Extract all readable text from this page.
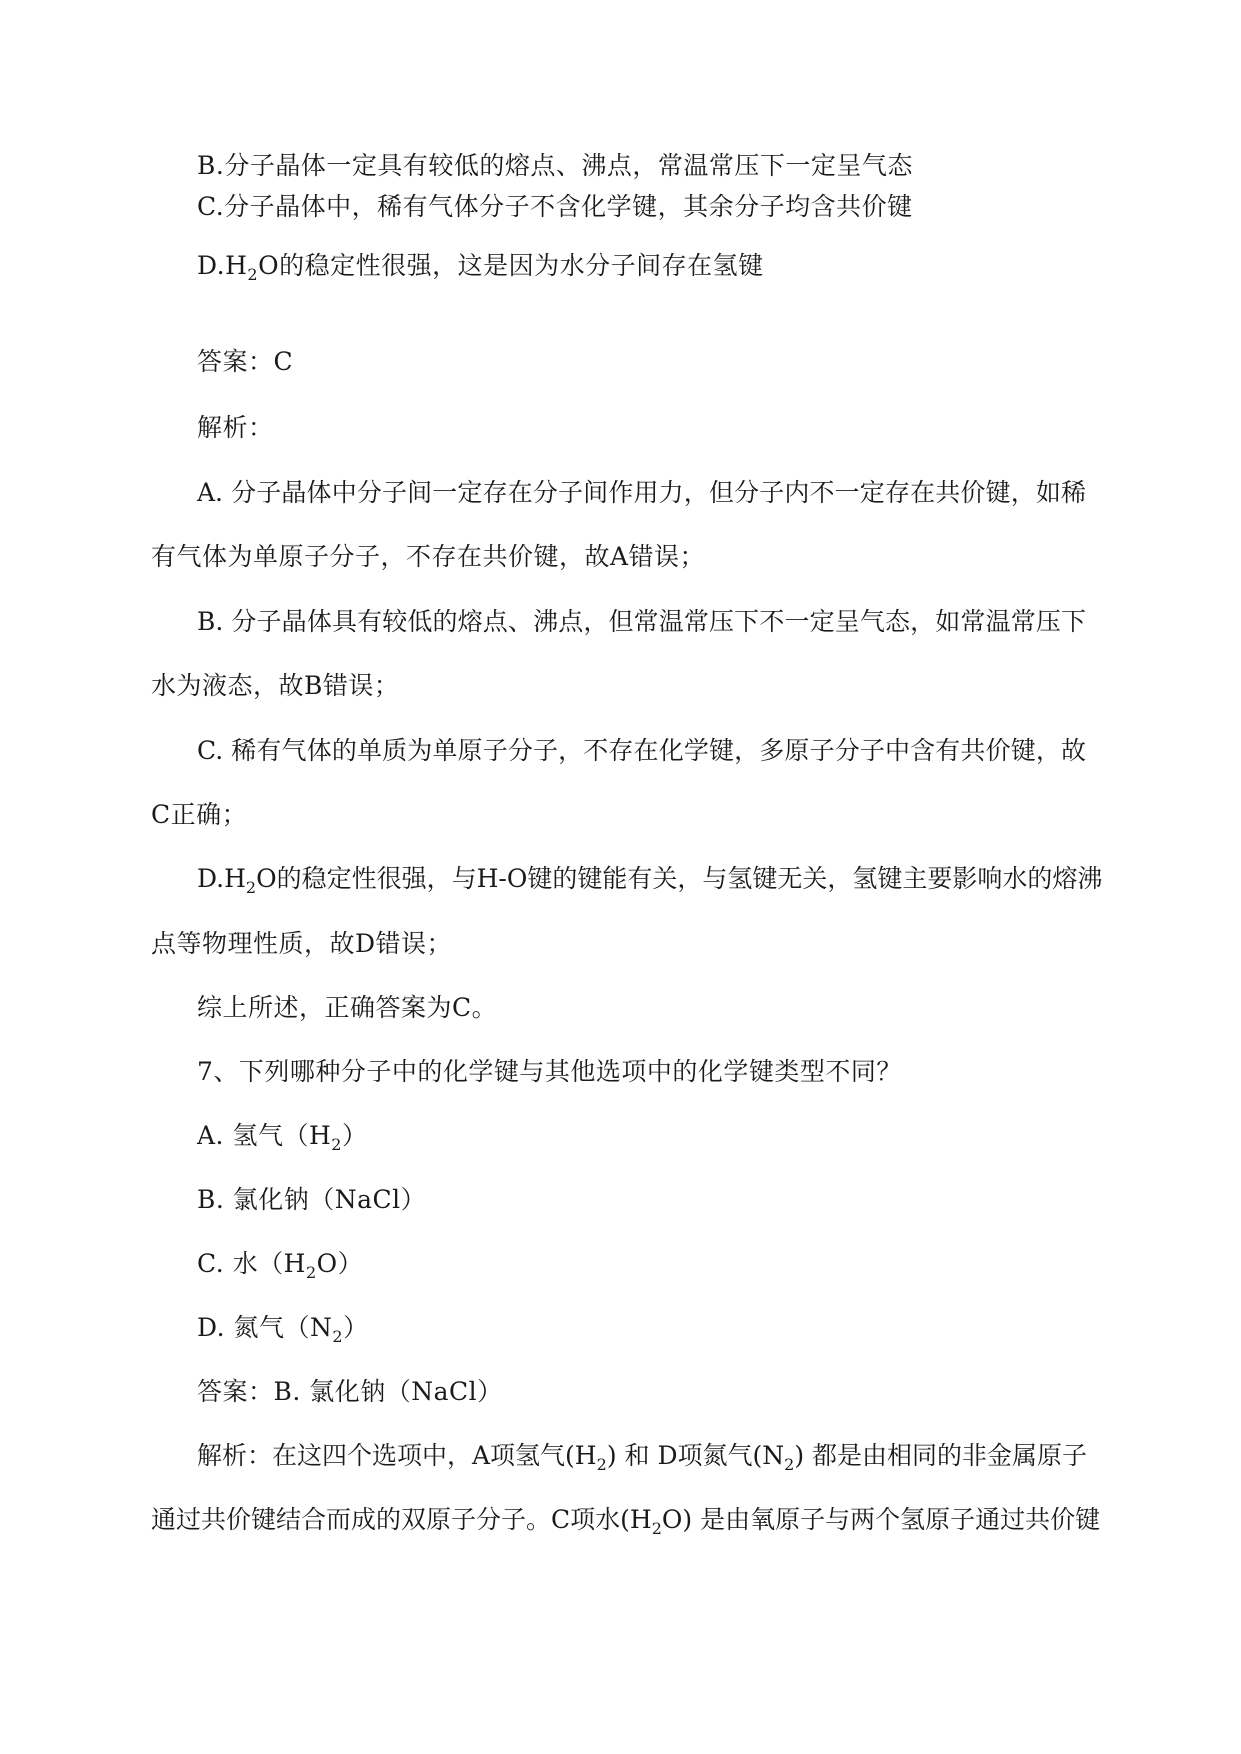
B.分子晶体一定具有较低的熔点、沸点，常温常压下一定呈气态
C.分子晶体中，稀有气体分子不含化学键，其余分子均含共价键
$D.H_2O$的稳定性很强，这是因为水分子间存在氢键
答案：C
解析：
A. 分子晶体中分子间一定存在分子间作用力，但分子内不一定存在共价键，如稀
有气体为单原子分子，不存在共价键，故A错误；
B. 分子晶体具有较低的熔点、沸点，但常温常压下不一定呈气态，如常温常压下
水为液态，故B错误；
C. 稀有气体的单质为单原子分子，不存在化学键，多原子分子中含有共价键，故
C正确；
$D.H_2O$的稳定性很强，与H-O键的键能有关，与氢键无关，氢键主要影响水的熔沸
点等物理性质，故D错误；
综上所述，正确答案为C。
7、下列哪种分子中的化学键与其他选项中的化学键类型不同？
A. 氢气$(H_2)$
B. 氯化钠（NaCl）
C. 水$(H_2O)$
D. 氮气$(N_2)$
答案：B. 氯化钠（NaCl）
解析：在这四个选项中，A项氢气$(H_2)$ 和 D项氮气$(N_2)$ 都是由相同的非金属原子
通过共价键结合而成的双原子分子。C项水$(H_2O)$ 是由氧原子与两个氢原子通过共价键
